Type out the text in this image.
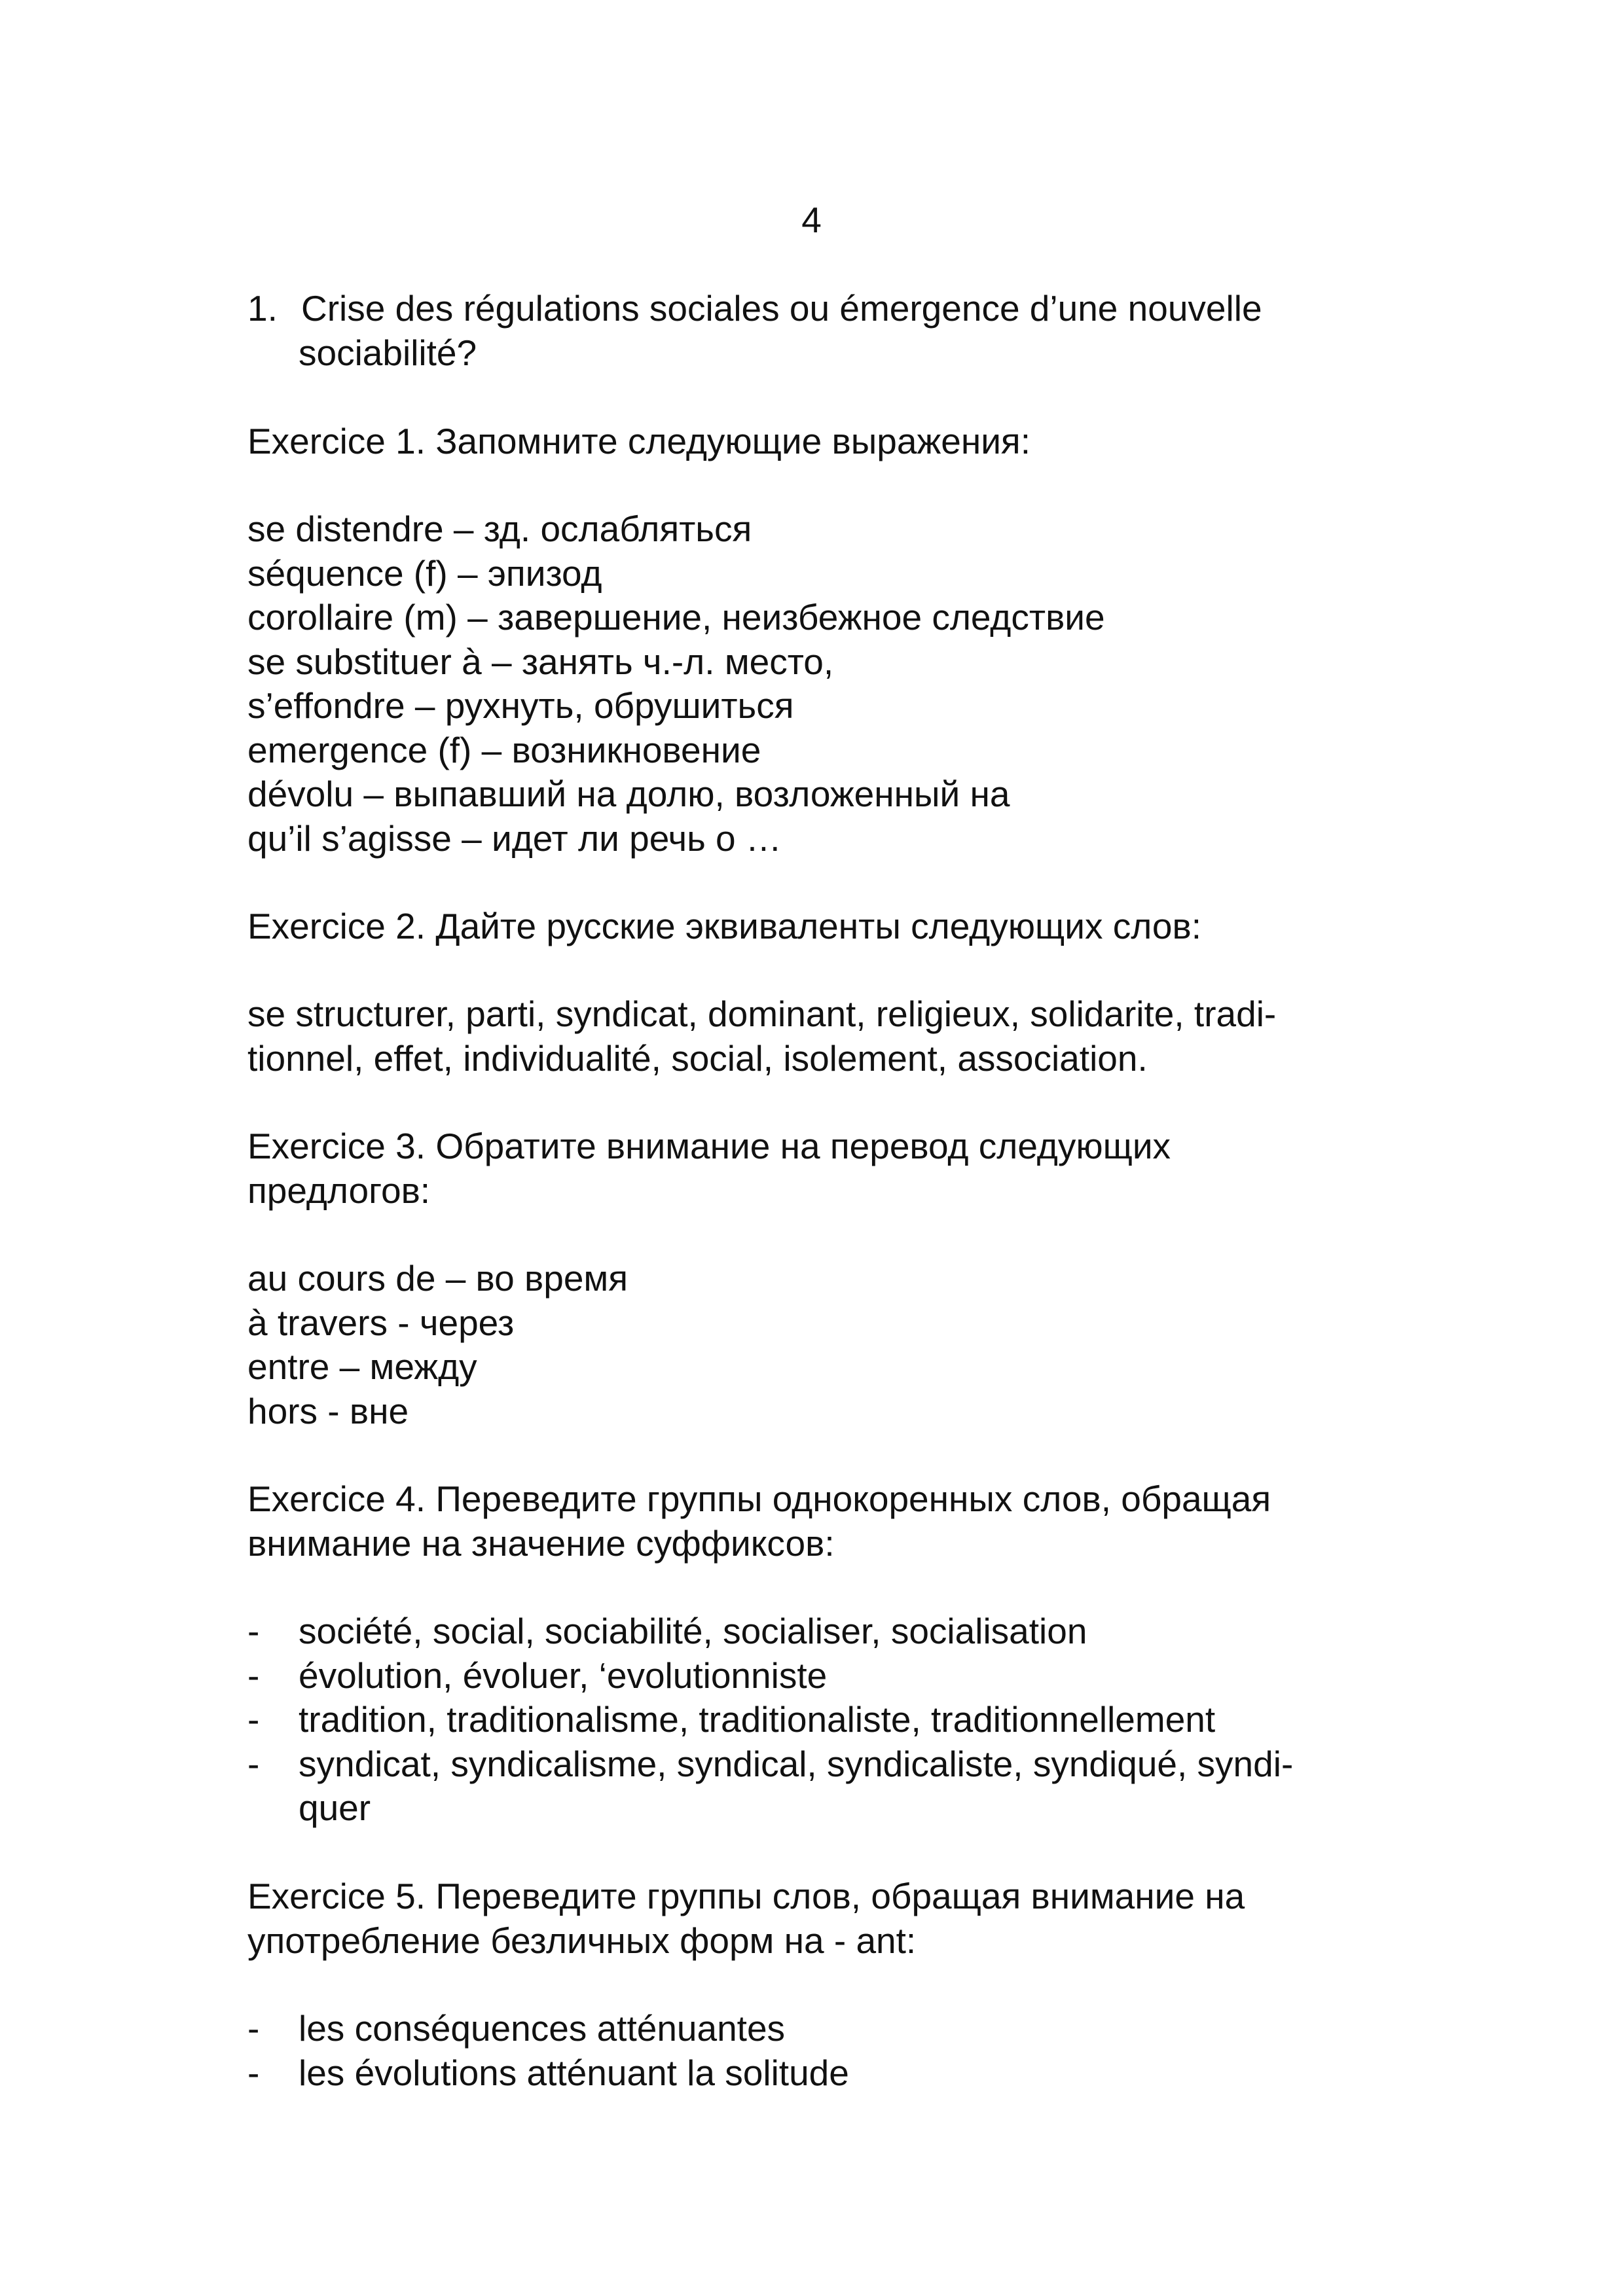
4
1. Crise des régulations sociales ou émergence d’une nouvelle
sociabilité?
Exercice 1. Запомните следующие выражения:
se distendre – зд. ослабляться
séquence (f) – эпизод
corollaire (m) – завершение, неизбежное следствие
se substituer à – занять ч.-л. место,
s’effondre – рухнуть, обрушиться
emergence (f) – возникновение
dévolu – выпавший на долю, возложенный на
qu’il s’agisse – идет ли речь о …
Exercice 2. Дайте русские эквиваленты следующих слов:
se structurer, parti, syndicat, dominant, religieux, solidarite, tradi-
tionnel, effet, individualité, social, isolement, association.
Exercice 3. Обратите внимание на перевод следующих
предлогов:
au cours de – во время
à travers - через
entre – между
hors - вне
Exercice 4. Переведите группы однокоренных слов, обращая
внимание на значение суффиксов:
- société, social, sociabilité, socialiser, socialisation
- évolution, évoluer, ‘evolutionniste
- tradition, traditionalisme, traditionaliste, traditionnellement
- syndicat, syndicalisme, syndical, syndicaliste, syndiqué, syndi-
quer
Exercice 5. Переведите группы слов, обращая внимание на
употребление безличных форм на - ant:
- les conséquences atténuantes
- les évolutions atténuant la solitude
